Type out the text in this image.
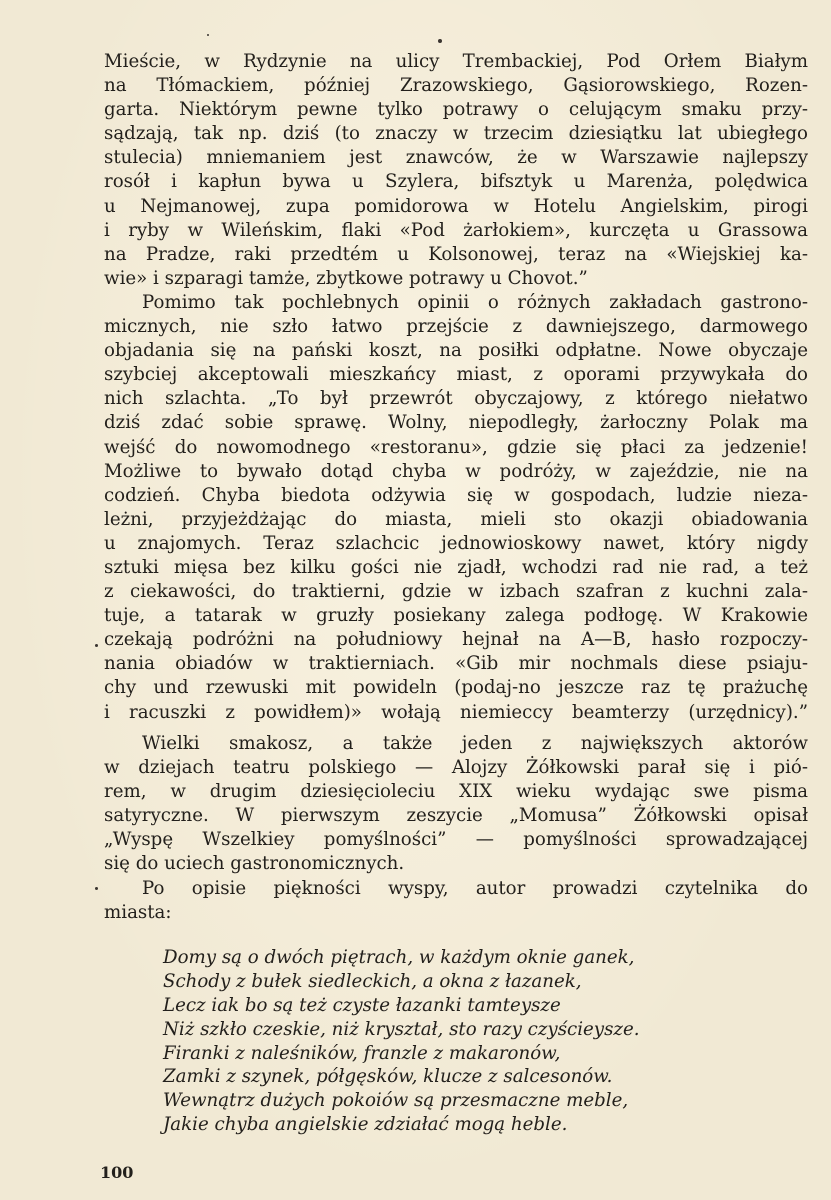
Mieście, w Rydzynie na ulicy Trembackiej, Pod Orłem Białym
na Tłómackiem, później Zrazowskiego, Gąsiorowskiego, Rozen-
garta. Niektórym pewne tylko potrawy o celującym smaku przy-
sądzają, tak np. dziś (to znaczy w trzecim dziesiątku lat ubiegłego
stulecia) mniemaniem jest znawców, że w Warszawie najlepszy
rosół i kapłun bywa u Szylera, bifsztyk u Marenża, polędwica
u Nejmanowej, zupa pomidorowa w Hotelu Angielskim, pirogi
i ryby w Wileńskim, flaki «Pod żarłokiem», kurczęta u Grassowa
na Pradze, raki przedtém u Kolsonowej, teraz na «Wiejskiej ka-
wie» i szparagi tamże, zbytkowe potrawy u Chovot.”
Pomimo tak pochlebnych opinii o różnych zakładach gastrono-
micznych, nie szło łatwo przejście z dawniejszego, darmowego
objadania się na pański koszt, na posiłki odpłatne. Nowe obyczaje
szybciej akceptowali mieszkańcy miast, z oporami przywykała do
nich szlachta. „To był przewrót obyczajowy, z którego niełatwo
dziś zdać sobie sprawę. Wolny, niepodległy, żarłoczny Polak ma
wejść do nowomodnego «restoranu», gdzie się płaci za jedzenie!
Możliwe to bywało dotąd chyba w podróży, w zajeździe, nie na
codzień. Chyba biedota odżywia się w gospodach, ludzie nieza-
leżni, przyjeżdżając do miasta, mieli sto okazji obiadowania
u znajomych. Teraz szlachcic jednowioskowy nawet, który nigdy
sztuki mięsa bez kilku gości nie zjadł, wchodzi rad nie rad, a też
z ciekawości, do traktierni, gdzie w izbach szafran z kuchni zala-
tuje, a tatarak w gruzły posiekany zalega podłogę. W Krakowie
czekają podróżni na południowy hejnał na A—B, hasło rozpoczy-
nania obiadów w traktierniach. «Gib mir nochmals diese psiaju-
chy und rzewuski mit powideln (podaj-no jeszcze raz tę prażuchę
i racuszki z powidłem)» wołają niemieccy beamterzy (urzędnicy).”
Wielki smakosz, a także jeden z największych aktorów
w dziejach teatru polskiego — Alojzy Żółkowski parał się i pió-
rem, w drugim dziesięcioleciu XIX wieku wydając swe pisma
satyryczne. W pierwszym zeszycie „Momusa” Żółkowski opisał
„Wyspę Wszelkiey pomyślności” — pomyślności sprowadzającej
się do uciech gastronomicznych.
Po opisie piękności wyspy, autor prowadzi czytelnika do
miasta:
Domy są o dwóch piętrach, w każdym oknie ganek,
Schody z bułek siedleckich, a okna z łazanek,
Lecz iak bo są też czyste łazanki tamteysze
Niż szkło czeskie, niż kryształ, sto razy czyścieysze.
Firanki z naleśników, franzle z makaronów,
Zamki z szynek, półgęsków, klucze z salcesonów.
Wewnątrz dużych pokoiów są przesmaczne meble,
Jakie chyba angielskie zdziałać mogą heble.
100
